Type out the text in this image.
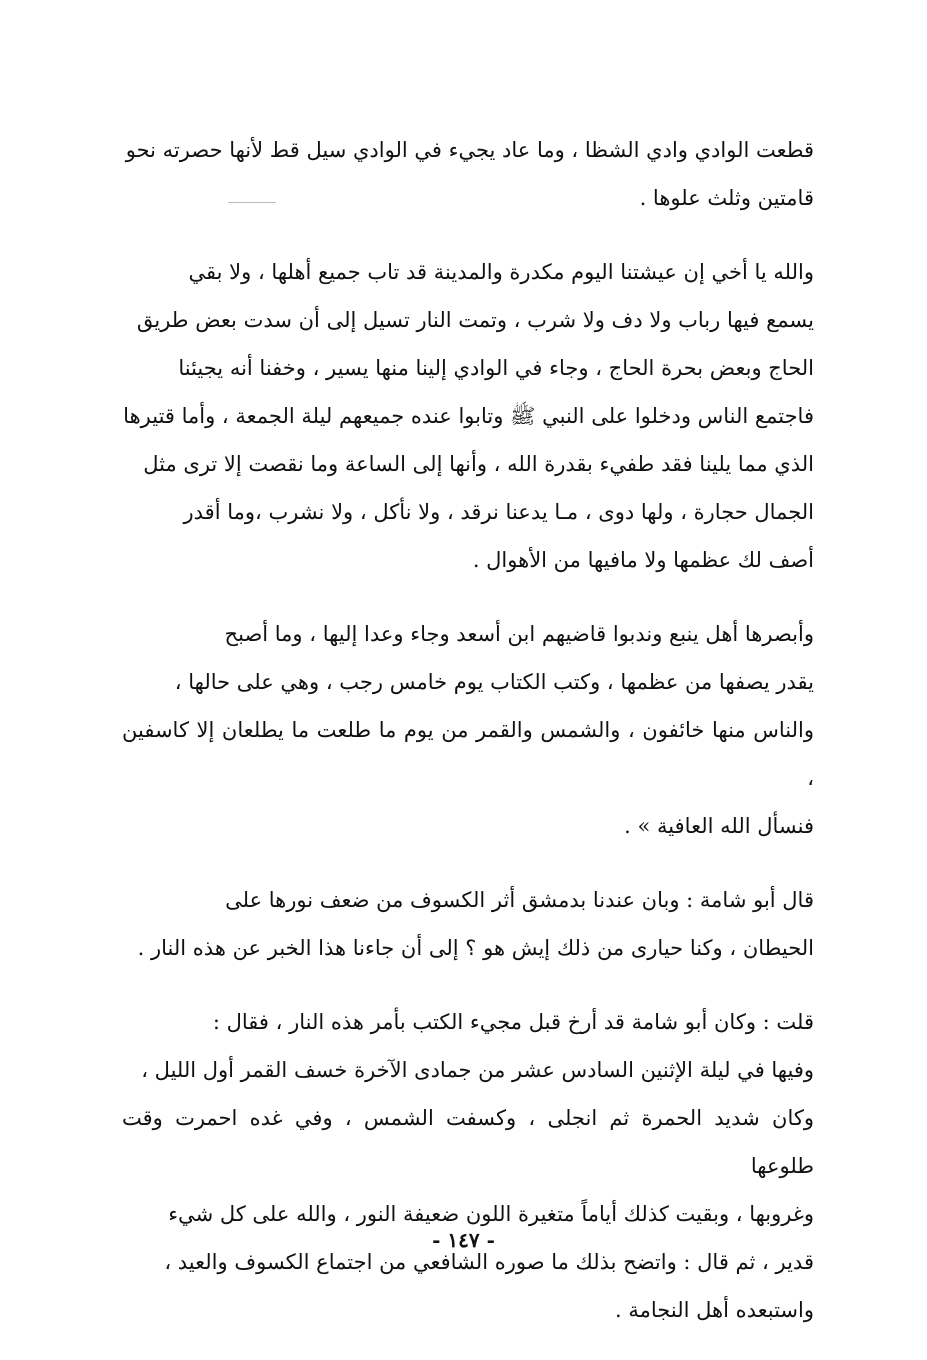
قطعت الوادي وادي الشظا ، وما عاد يجيء في الوادي سيل قط لأنها حصرته نحو

قامتين وثلث علوها .

والله يا أخي إن عيشتنا اليوم مكدرة والمدينة قد تاب جميع أهلها ، ولا بقي

يسمع فيها رباب ولا دف ولا شرب ، وتمت النار تسيل إلى أن سدت بعض طريق

الحاج وبعض بحرة الحاج ، وجاء في الوادي إلينا منها يسير ، وخفنا أنه يجيئنا

فاجتمع الناس ودخلوا على النبي ﷺ وتابوا عنده جميعهم ليلة الجمعة ، وأما قتيرها

الذي مما يلينا فقد طفيء بقدرة الله ، وأنها إلى الساعة وما نقصت إلا ترى مثل

الجمال حجارة ، ولها دوى ، مـا يدعنا نرقد ، ولا نأكل ، ولا نشرب ،وما أقدر

أصف لك عظمها ولا مافيها من الأهوال .

وأبصرها أهل ينبع وندبوا قاضيهم ابن أسعد وجاء وعدا إليها ، وما أصبح

يقدر يصفها من عظمها ، وكتب الكتاب يوم خامس رجب ، وهي على حالها ،

والناس منها خائفون ، والشمس والقمر من يوم ما طلعت ما يطلعان إلا كاسفين ،

فنسأل الله العافية » .

قال أبو شامة : وبان عندنا بدمشق أثر الكسوف من ضعف نورها على

الحيطان ، وكنا حيارى من ذلك إيش هو ؟ إلى أن جاءنا هذا الخبر عن هذه النار .

قلت : وكان أبو شامة قد أرخ قبل مجيء الكتب بأمر هذه النار ، فقال :

وفيها في ليلة الإثنين السادس عشر من جمادى الآخرة خسف القمر أول الليل ،

وكان شديد الحمرة ثم انجلى ، وكسفت الشمس ، وفي غده احمرت وقت طلوعها

وغروبها ، وبقيت كذلك أياماً متغيرة اللون ضعيفة النور ، والله على كل شيء

قدير ، ثم قال : واتضح بذلك ما صوره الشافعي من اجتماع الكسوف والعيد ،

واستبعده أهل النجامة .

- ١٤٧ -
